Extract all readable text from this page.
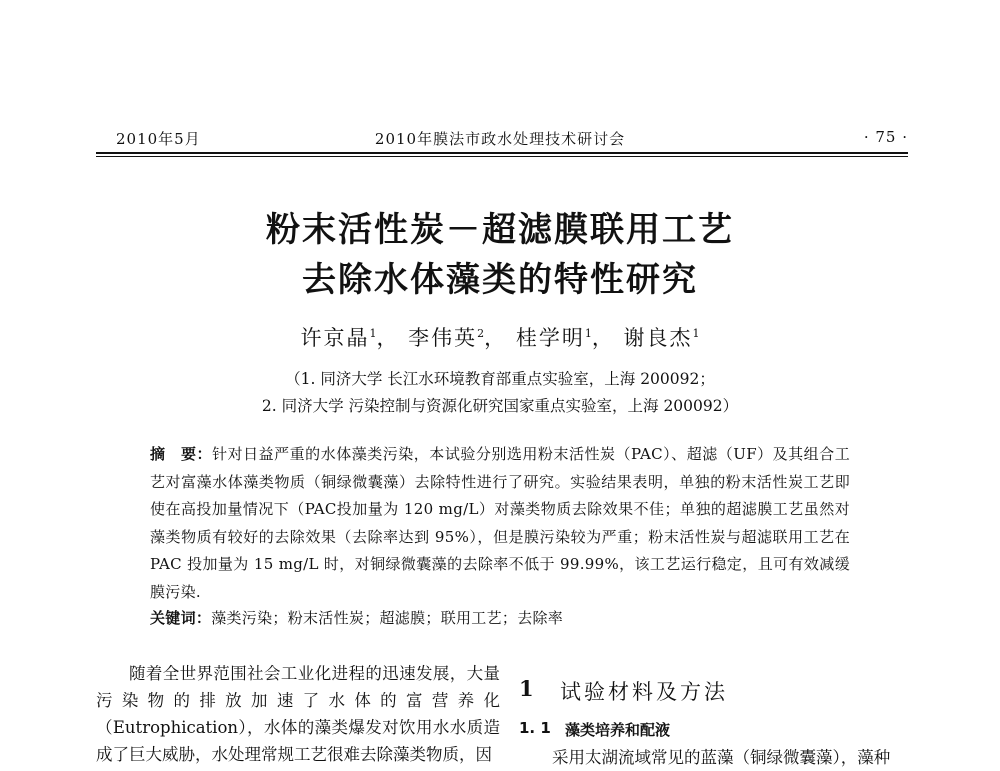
2010年5月	2010年膜法市政水处理技术研讨会	· 75 ·
粉末活性炭－超滤膜联用工艺
去除水体藻类的特性研究
许京晶$^1$， 李伟英$^2$， 桂学明$^1$， 谢良杰$^1$
（1. 同济大学 长江水环境教育部重点实验室，上海 200092；
2. 同济大学 污染控制与资源化研究国家重点实验室，上海 200092）
摘　要：针对日益严重的水体藻类污染，本试验分别选用粉末活性炭（PAC）、超滤（UF）及其组合工艺对富藻水体藻类物质（铜绿微囊藻）去除特性进行了研究。实验结果表明，单独的粉末活性炭工艺即使在高投加量情况下（PAC投加量为 120 mg/L）对藻类物质去除效果不佳；单独的超滤膜工艺虽然对藻类物质有较好的去除效果（去除率达到 95%），但是膜污染较为严重；粉末活性炭与超滤联用工艺在 PAC 投加量为 15 mg/L 时，对铜绿微囊藻的去除率不低于 99.99%，该工艺运行稳定，且可有效减缓膜污染.
关键词：藻类污染；粉末活性炭；超滤膜；联用工艺；去除率
随着全世界范围社会工业化进程的迅速发展，大量污染物的排放加速了水体的富营养化（Eutrophication），水体的藻类爆发对饮用水水质造成了巨大威胁，水处理常规工艺很难去除藻类物质，因
1 试验材料及方法
1. 1 藻类培养和配液
采用太湖流域常见的蓝藻（铜绿微囊藻），藻种
